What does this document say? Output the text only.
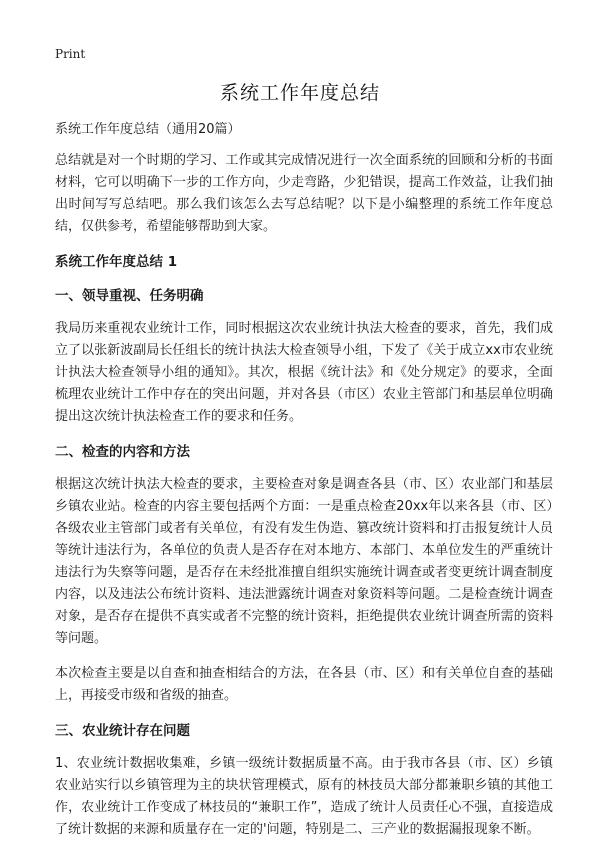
Print
系统工作年度总结
系统工作年度总结（通用20篇）

总结就是对一个时期的学习、工作或其完成情况进行一次全面系统的回顾和分析的书面材料，它可以明确下一步的工作方向，少走弯路，少犯错误，提高工作效益，让我们抽出时间写写总结吧。那么我们该怎么去写总结呢？以下是小编整理的系统工作年度总结，仅供参考，希望能够帮助到大家。

系统工作年度总结 1
一、领导重视、任务明确

我局历来重视农业统计工作，同时根据这次农业统计执法大检查的要求，首先，我们成立了以张新波副局长任组长的统计执法大检查领导小组，下发了《关于成立xx市农业统计执法大检查领导小组的通知》。其次，根据《统计法》和《处分规定》的要求，全面梳理农业统计工作中存在的突出问题，并对各县（市区）农业主管部门和基层单位明确提出这次统计执法检查工作的要求和任务。

二、检查的内容和方法

根据这次统计执法大检查的要求，主要检查对象是调查各县（市、区）农业部门和基层乡镇农业站。检查的内容主要包括两个方面：一是重点检查20xx年以来各县（市、区）各级农业主管部门或者有关单位，有没有发生伪造、篡改统计资料和打击报复统计人员等统计违法行为，各单位的负责人是否存在对本地方、本部门、本单位发生的严重统计违法行为失察等问题，是否存在未经批准擅自组织实施统计调查或者变更统计调查制度内容，以及违法公布统计资料、违法泄露统计调查对象资料等问题。二是检查统计调查对象，是否存在提供不真实或者不完整的统计资料，拒绝提供农业统计调查所需的资料等问题。

本次检查主要是以自查和抽查相结合的方法，在各县（市、区）和有关单位自查的基础上，再接受市级和省级的抽查。

三、农业统计存在问题

1、农业统计数据收集难，乡镇一级统计数据质量不高。由于我市各县（市、区）乡镇农业站实行以乡镇管理为主的块状管理模式，原有的林技员大部分都兼职乡镇的其他工作，农业统计工作变成了林技员的“兼职工作”，造成了统计人员责任心不强，直接造成了统计数据的来源和质量存在一定的'问题，特别是二、三产业的数据漏报现象不断。
